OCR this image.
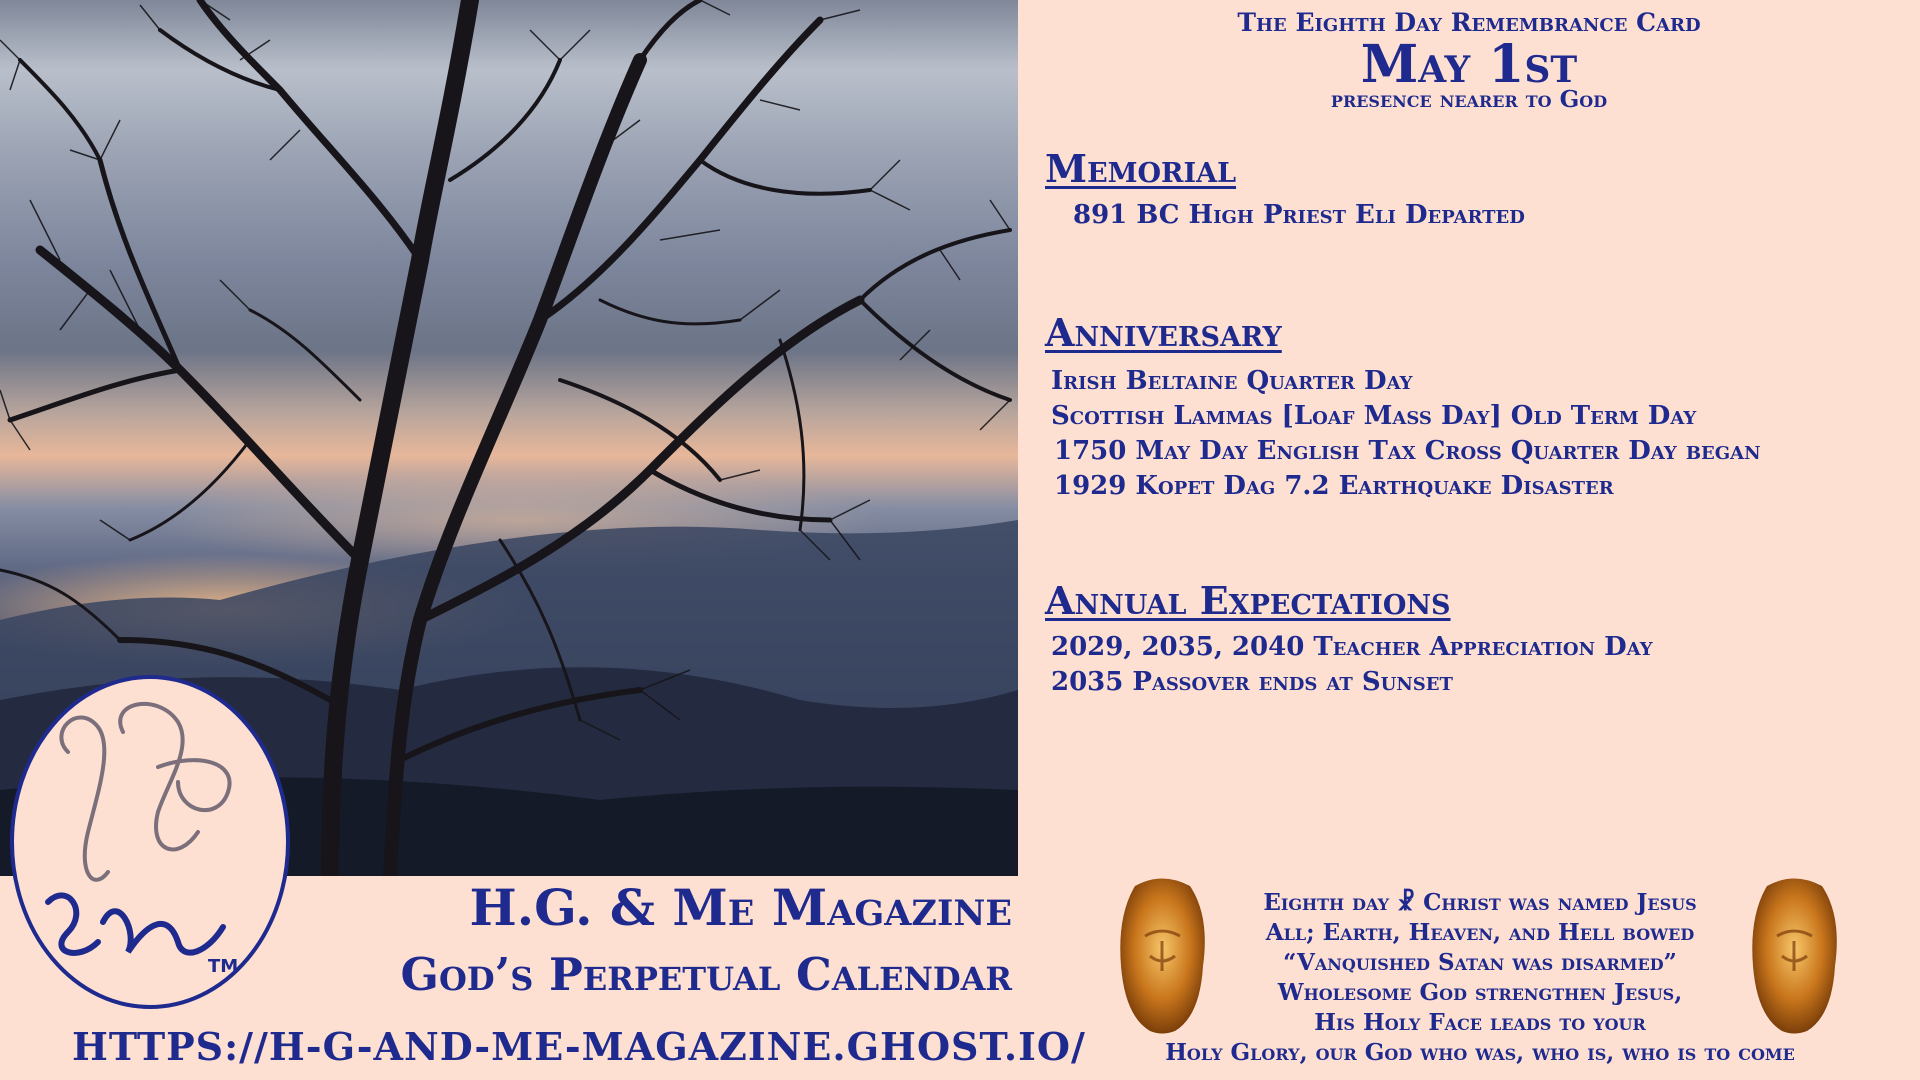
TM
H.G. & Me Magazine
God’s Perpetual Calendar
HTTPS://H-G-AND-ME-MAGAZINE.GHOST.IO/
The Eighth Day Remembrance Card
May 1st
presence nearer to God
Memorial
891 BC High Priest Eli Departed
Anniversary
Irish Beltaine Quarter Day
Scottish Lammas [Loaf Mass Day] Old Term Day
1750 May Day English Tax Cross Quarter Day began
1929 Kopet Dag 7.2 Earthquake Disaster
Annual Expectations
2029, 2035, 2040 Teacher Appreciation Day
2035 Passover ends at Sunset
Eighth day ☧ Christ was named Jesus
All; Earth, Heaven, and Hell bowed
“Vanquished Satan was disarmed”
Wholesome God strengthen Jesus,
His Holy Face leads to your
Holy Glory, our God who was, who is, who is to come
